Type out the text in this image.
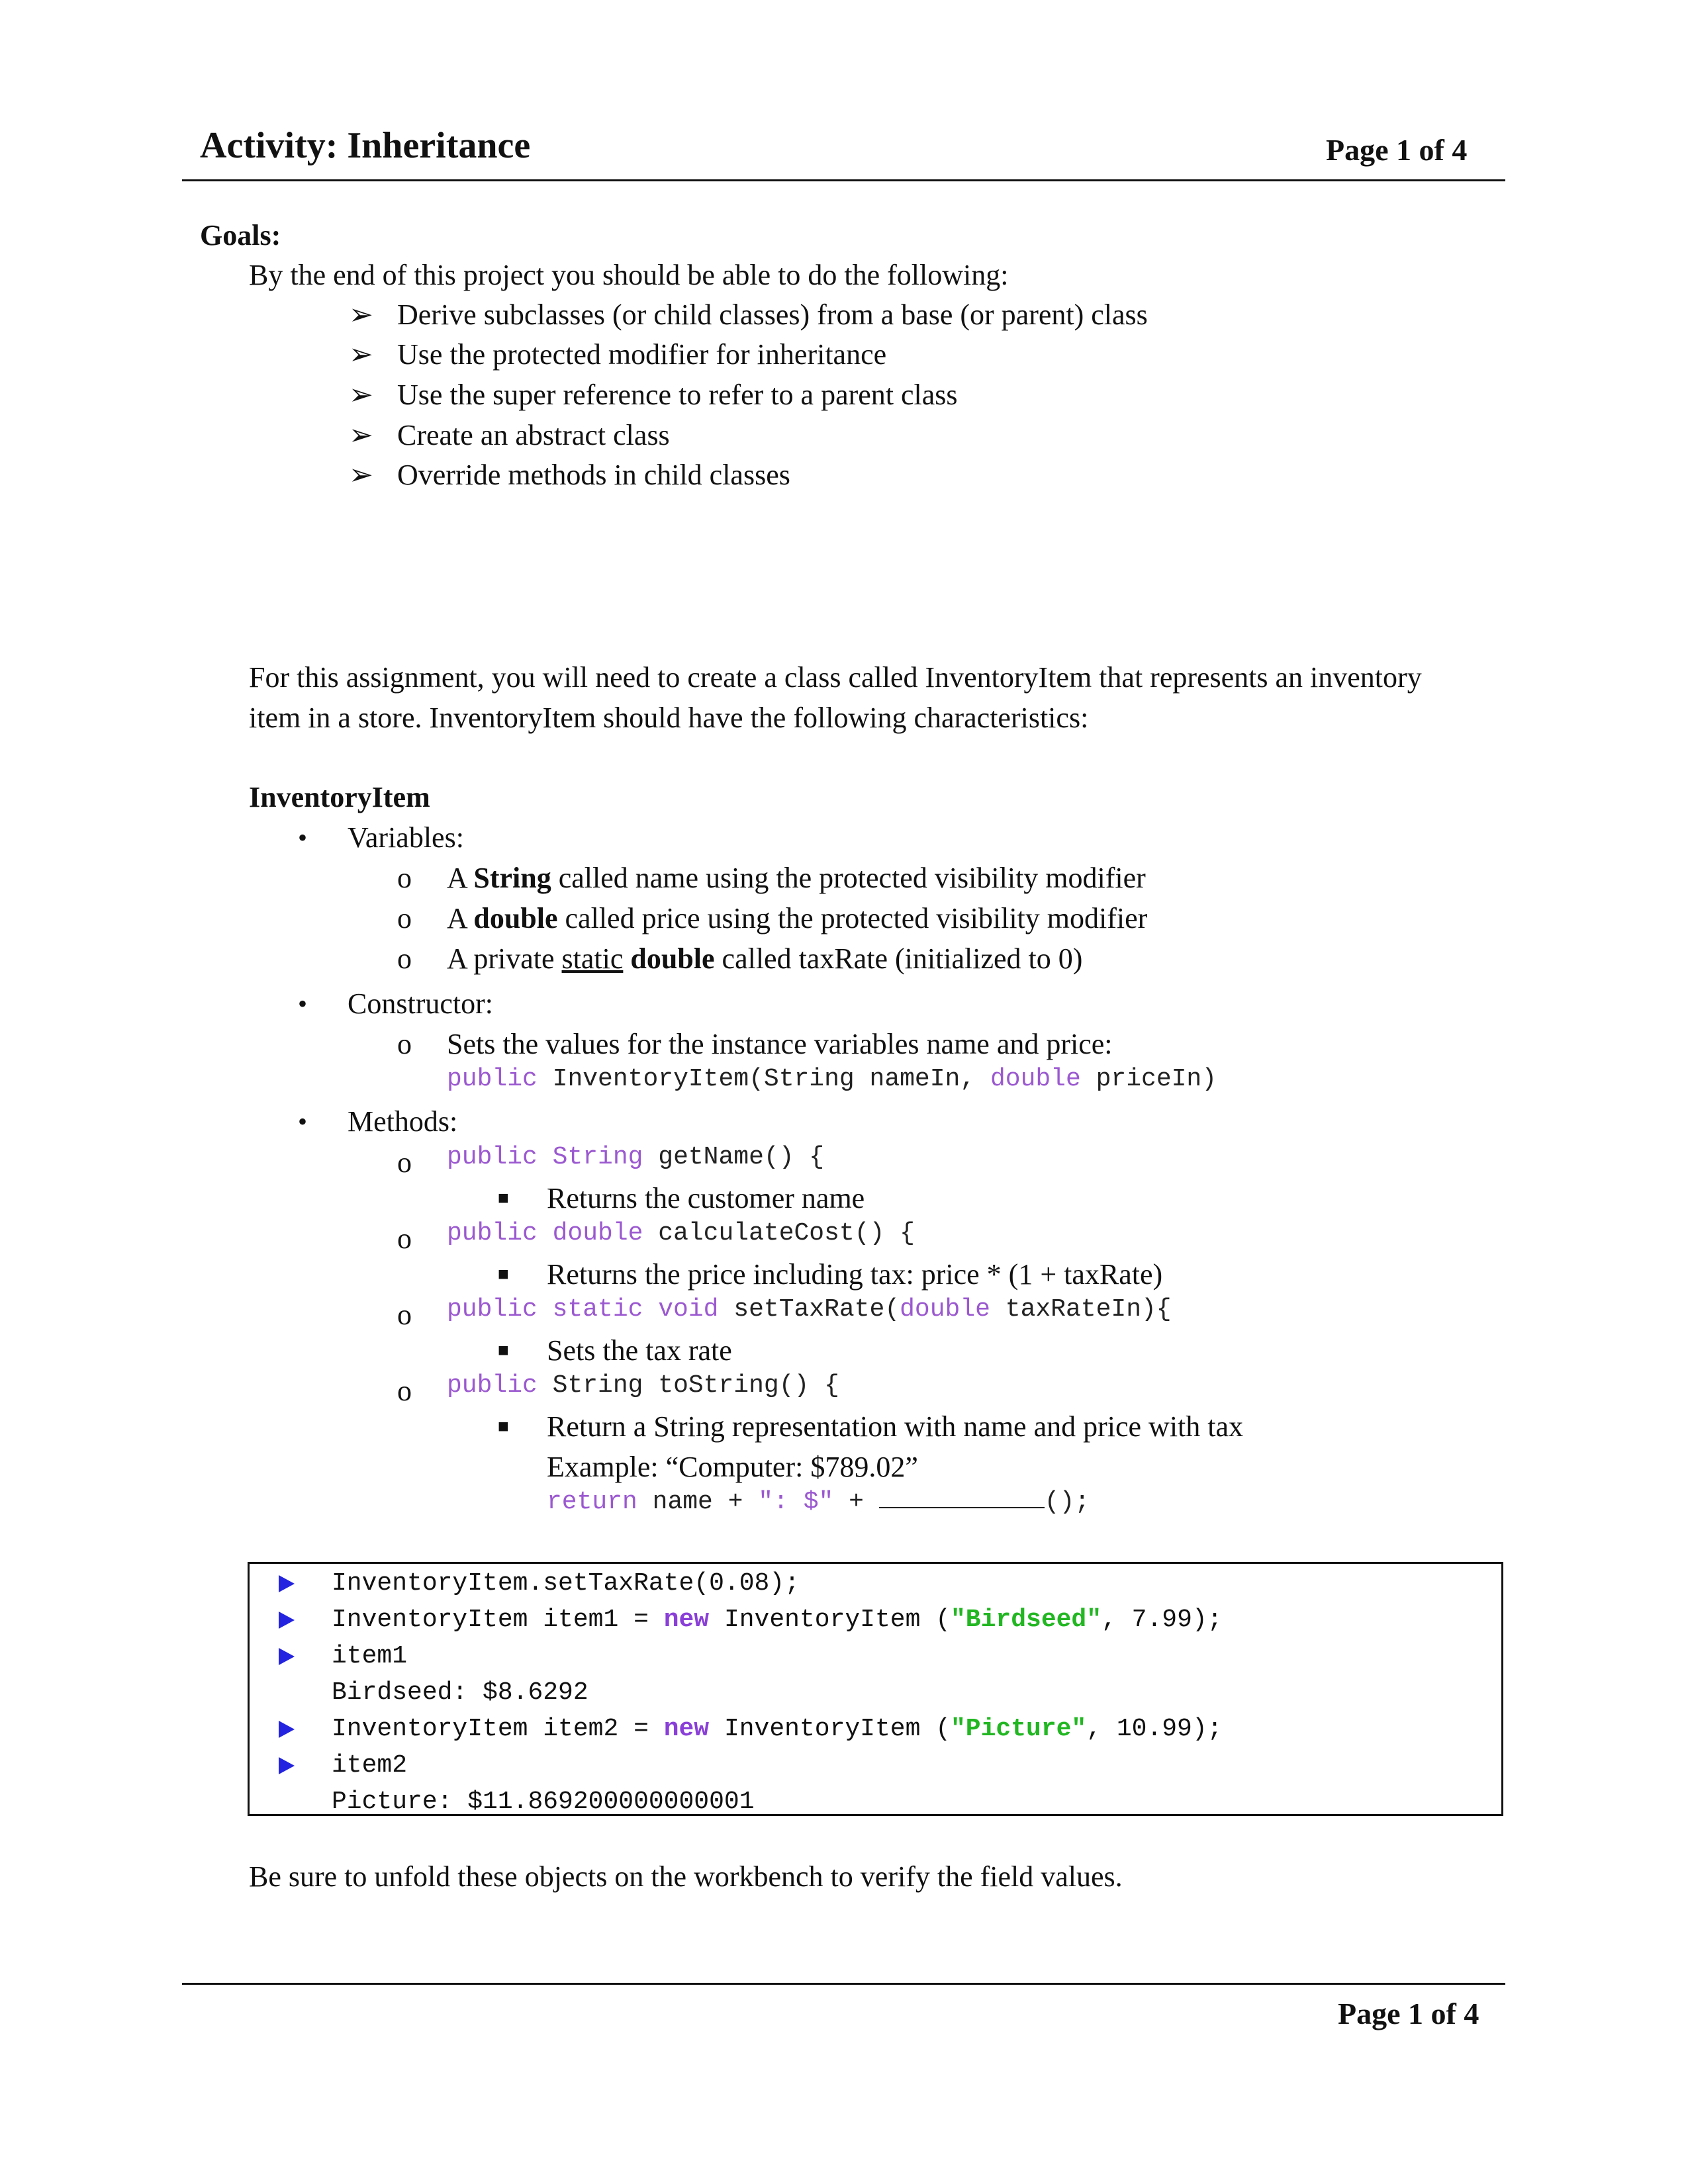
Activity: Inheritance	Page 1 of 4
Goals:
By the end of this project you should be able to do the following:
➢ Derive subclasses (or child classes) from a base (or parent) class
➢ Use the protected modifier for inheritance
➢ Use the super reference to refer to a parent class
➢ Create an abstract class
➢ Override methods in child classes
For this assignment, you will need to create a class called InventoryItem that represents an inventory
item in a store. InventoryItem should have the following characteristics:
InventoryItem
• Variables:
o A String called name using the protected visibility modifier
o A double called price using the protected visibility modifier
o A private static double called taxRate (initialized to 0)
• Constructor:
o Sets the values for the instance variables name and price:
public InventoryItem(String nameIn, double priceIn)
• Methods:
o public String getName() {
■ Returns the customer name
o public double calculateCost() {
■ Returns the price including tax: price * (1 + taxRate)
o public static void setTaxRate(double taxRateIn){
■ Sets the tax rate
o public String toString() {
■ Return a String representation with name and price with tax
Example: “Computer: $789.02”
return name + ": $" +	();
InventoryItem.setTaxRate(0.08);
InventoryItem item1 = new InventoryItem ("Birdseed", 7.99);
item1
Birdseed: $8.6292
InventoryItem item2 = new InventoryItem ("Picture", 10.99);
item2
Picture: $11.869200000000001
Be sure to unfold these objects on the workbench to verify the field values.
Page 1 of 4
